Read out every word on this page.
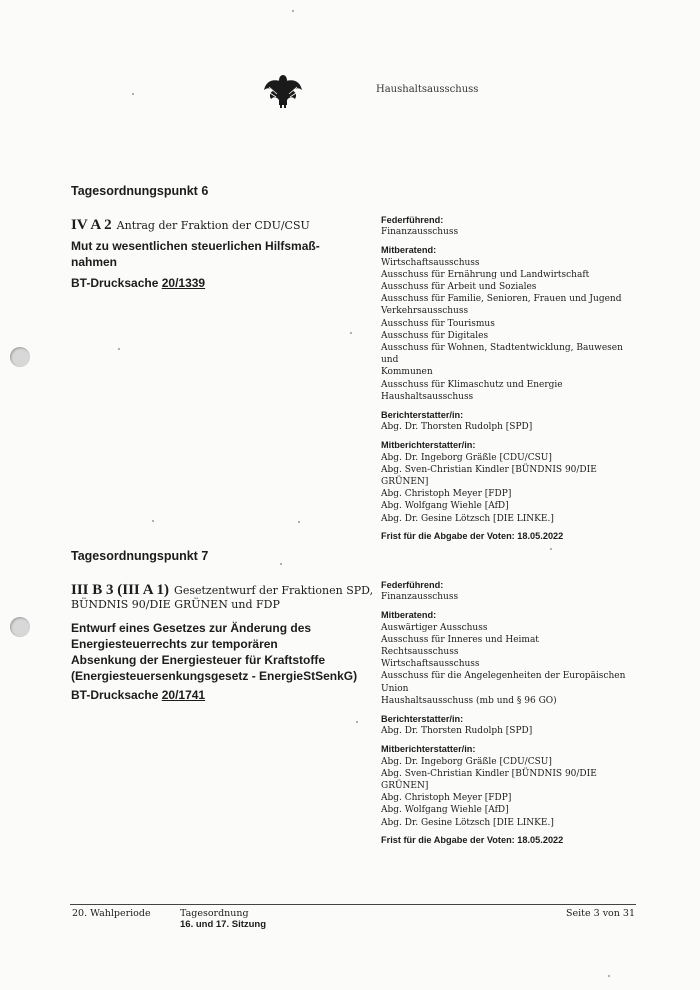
Haushaltsausschuss
Tagesordnungspunkt 6
IV A 2 Antrag der Fraktion der CDU/CSU
Mut zu wesentlichen steuerlichen Hilfsmaß-
nahmen
BT-Drucksache 20/1339
Federführend:
Finanzausschuss
Mitberatend:
Wirtschaftsausschuss
Ausschuss für Ernährung und Landwirtschaft
Ausschuss für Arbeit und Soziales
Ausschuss für Familie, Senioren, Frauen und Jugend
Verkehrsausschuss
Ausschuss für Tourismus
Ausschuss für Digitales
Ausschuss für Wohnen, Stadtentwicklung, Bauwesen und
Kommunen
Ausschuss für Klimaschutz und Energie
Haushaltsausschuss
Berichterstatter/in:
Abg. Dr. Thorsten Rudolph [SPD]
Mitberichterstatter/in:
Abg. Dr. Ingeborg Gräßle [CDU/CSU]
Abg. Sven-Christian Kindler [BÜNDNIS 90/DIE GRÜNEN]
Abg. Christoph Meyer [FDP]
Abg. Wolfgang Wiehle [AfD]
Abg. Dr. Gesine Lötzsch [DIE LINKE.]
Frist für die Abgabe der Voten: 18.05.2022
Tagesordnungspunkt 7
III B 3 (III A 1) Gesetzentwurf der Fraktionen SPD,
BÜNDNIS 90/DIE GRÜNEN und FDP
Entwurf eines Gesetzes zur Änderung des
Energiesteuerrechts zur temporären
Absenkung der Energiesteuer für Kraftstoffe
(Energiesteuersenkungsgesetz - EnergieStSenkG)
BT-Drucksache 20/1741
Federführend:
Finanzausschuss
Mitberatend:
Auswärtiger Ausschuss
Ausschuss für Inneres und Heimat
Rechtsausschuss
Wirtschaftsausschuss
Ausschuss für die Angelegenheiten der Europäischen
Union
Haushaltsausschuss (mb und § 96 GO)
Berichterstatter/in:
Abg. Dr. Thorsten Rudolph [SPD]
Mitberichterstatter/in:
Abg. Dr. Ingeborg Gräßle [CDU/CSU]
Abg. Sven-Christian Kindler [BÜNDNIS 90/DIE GRÜNEN]
Abg. Christoph Meyer [FDP]
Abg. Wolfgang Wiehle [AfD]
Abg. Dr. Gesine Lötzsch [DIE LINKE.]
Frist für die Abgabe der Voten: 18.05.2022
20. Wahlperiode	Tagesordnung
16. und 17. Sitzung
Seite 3 von 31
